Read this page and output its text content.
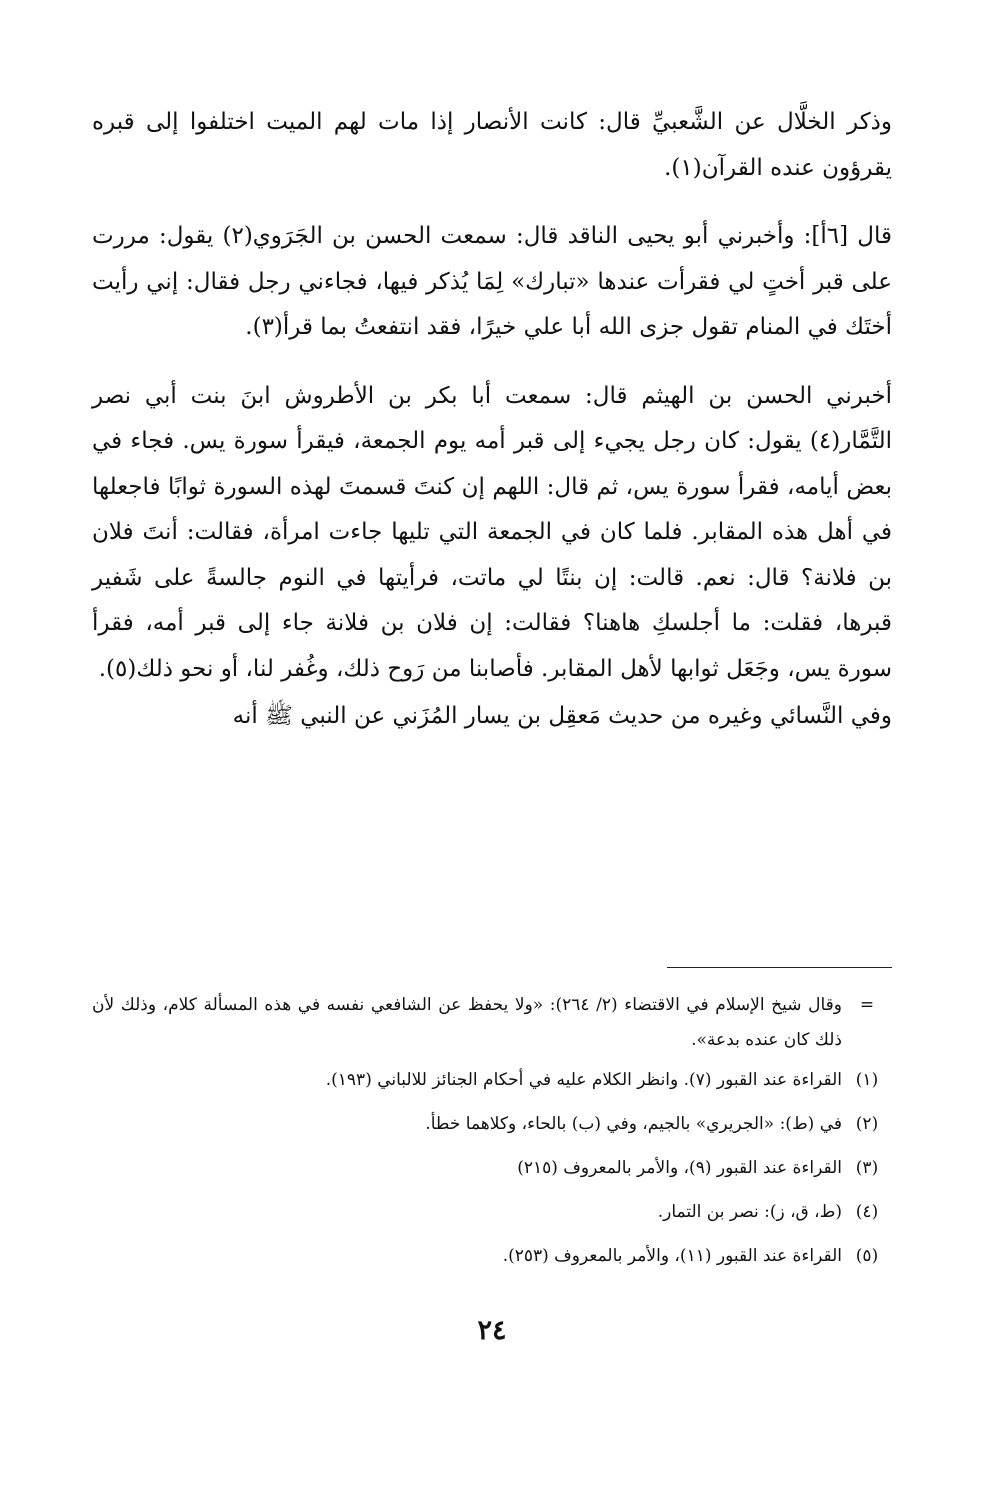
وذكر الخلَّال عن الشَّعبيِّ قال: كانت الأنصار إذا مات لهم الميت اختلفوا إلى قبره يقرؤون عنده القرآن(١).

قال [٦أ]: وأخبرني أبو يحيى الناقد قال: سمعت الحسن بن الجَرَوي(٢) يقول: مررت على قبر أختٍ لي فقرأت عندها «تبارك» لِمَا يُذكر فيها، فجاءني رجل فقال: إني رأيت أختَك في المنام تقول جزى الله أبا علي خيرًا، فقد انتفعتُ بما قرأ(٣).

أخبرني الحسن بن الهيثم قال: سمعت أبا بكر بن الأطروش ابنَ بنت أبي نصر التَّمَّار(٤) يقول: كان رجل يجيء إلى قبر أمه يوم الجمعة، فيقرأ سورة يس. فجاء في بعض أيامه، فقرأ سورة يس، ثم قال: اللهم إن كنتَ قسمتَ لهذه السورة ثوابًا فاجعلها في أهل هذه المقابر. فلما كان في الجمعة التي تليها جاءت امرأة، فقالت: أنتَ فلان بن فلانة؟ قال: نعم. قالت: إن بنتًا لي ماتت، فرأيتها في النوم جالسةً على شَفير قبرها، فقلت: ما أجلسكِ هاهنا؟ فقالت: إن فلان بن فلانة جاء إلى قبر أمه، فقرأ سورة يس، وجَعَل ثوابها لأهل المقابر. فأصابنا من رَوح ذلك، وغُفر لنا، أو نحو ذلك(٥).

وفي النَّسائي وغيره من حديث مَعقِل بن يسار المُزَني عن النبي ﷺ أنه

=
وقال شيخ الإسلام في الاقتضاء (٢/ ٢٦٤): «ولا يحفظ عن الشافعي نفسه في هذه المسألة كلام، وذلك لأن ذلك كان عنده بدعة».
(١)
القراءة عند القبور (٧). وانظر الكلام عليه في أحكام الجنائز للالباني (١٩٣).
(٢)
في (ط): «الجريري» بالجيم، وفي (ب) بالحاء، وكلاهما خطأ.
(٣)
القراءة عند القبور (٩)، والأمر بالمعروف (٢١٥)
(٤)
(ط، ق، ز): نصر بن التمار.
(٥)
القراءة عند القبور (١١)، والأمر بالمعروف (٢٥٣).
٢٤
